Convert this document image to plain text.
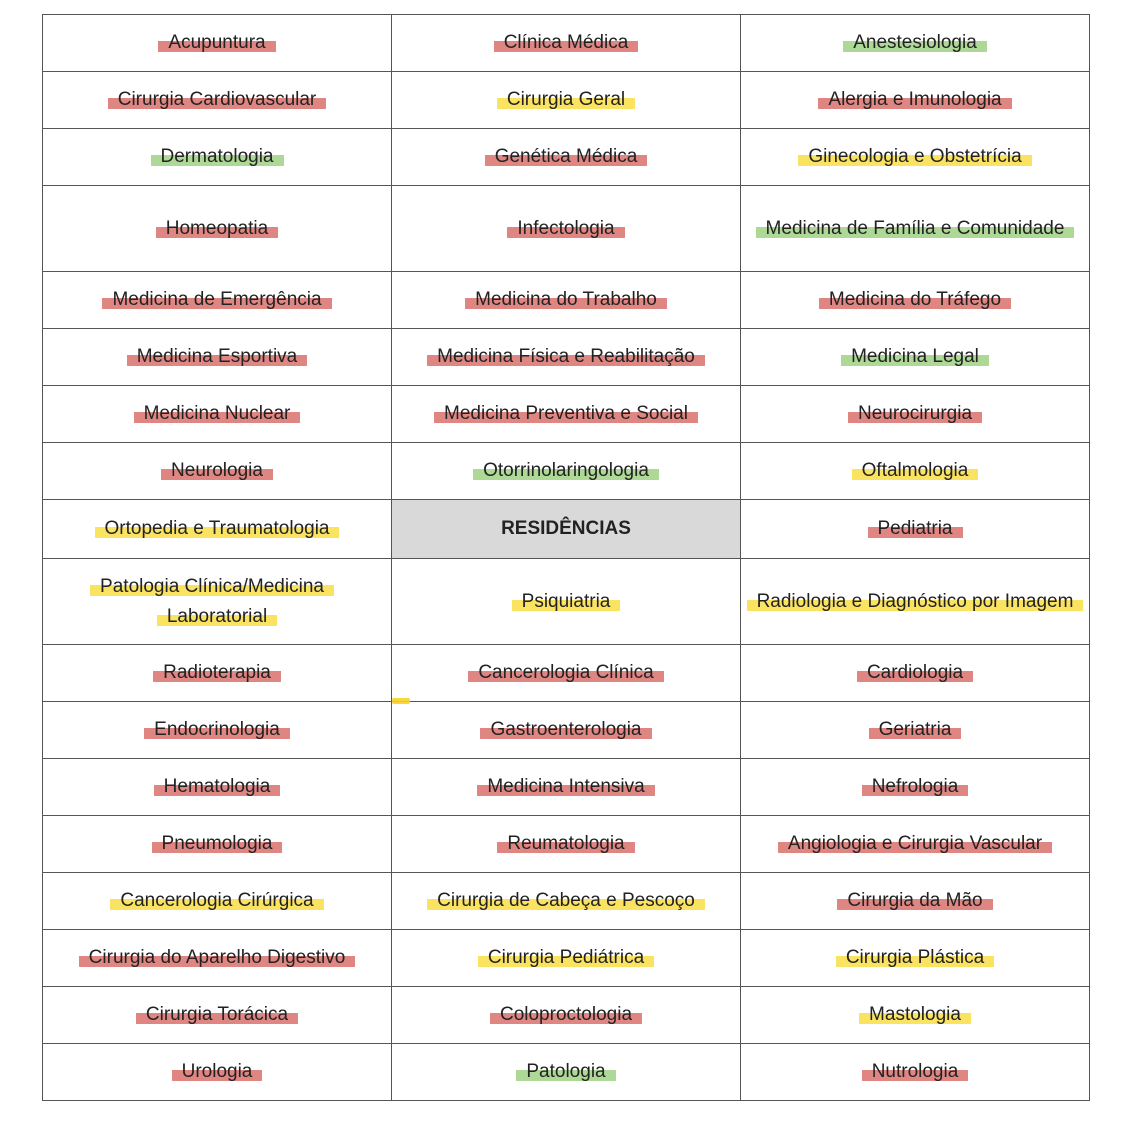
Acupuntura	Clínica Médica	Anestesiologia
Cirurgia Cardiovascular	Cirurgia Geral	Alergia e Imunologia
Dermatologia	Genética Médica	Ginecologia e Obstetrícia
Homeopatia	Infectologia	Medicina de Família e Comunidade
Medicina de Emergência	Medicina do Trabalho	Medicina do Tráfego
Medicina Esportiva	Medicina Física e Reabilitação	Medicina Legal
Medicina Nuclear	Medicina Preventiva e Social	Neurocirurgia
Neurologia	Otorrinolaringologia	Oftalmologia
Ortopedia e Traumatologia	RESIDÊNCIAS	Pediatria
Patologia Clínica/Medicina Laboratorial	Psiquiatria	Radiologia e Diagnóstico por Imagem
Radioterapia	Cancerologia Clínica	Cardiologia
Endocrinologia	Gastroenterologia	Geriatria
Hematologia	Medicina Intensiva	Nefrologia
Pneumologia	Reumatologia	Angiologia e Cirurgia Vascular
Cancerologia Cirúrgica	Cirurgia de Cabeça e Pescoço	Cirurgia da Mão
Cirurgia do Aparelho Digestivo	Cirurgia Pediátrica	Cirurgia Plástica
Cirurgia Torácica	Coloproctologia	Mastologia
Urologia	Patologia	Nutrologia
